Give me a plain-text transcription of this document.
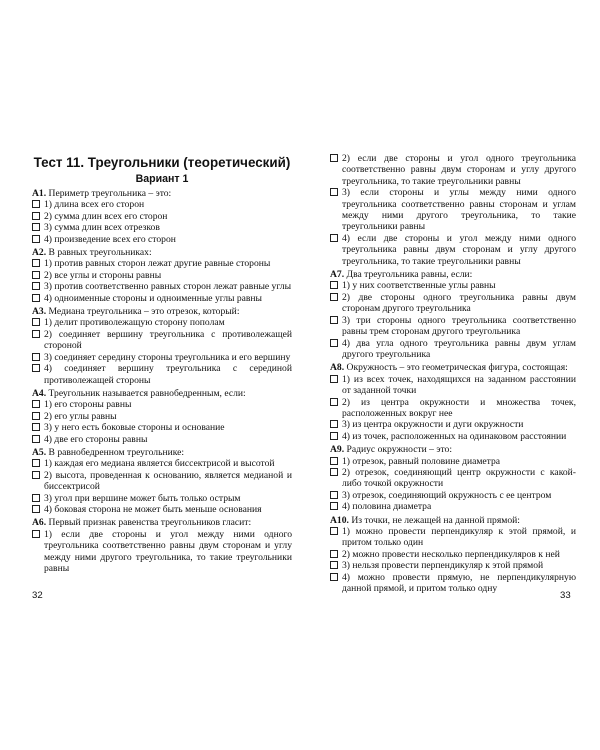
Тест 11. Треугольники (теоретический)
Вариант 1
А1. Периметр треугольника – это:
1) длина всех его сторон
2) сумма длин всех его сторон
3) сумма длин всех отрезков
4) произведение всех его сторон
А2. В равных треугольниках:
1) против равных сторон лежат другие равные стороны
2) все углы и стороны равны
3) против соответственно равных сторон лежат равные углы
4) одноименные стороны и одноименные углы равны
А3. Медиана треугольника – это отрезок, который:
1) делит противолежащую сторону пополам
2) соединяет вершину треугольника с противолежащей стороной
3) соединяет середину стороны треугольника и его вершину
4) соединяет вершину треугольника с серединой противолежащей стороны
А4. Треугольник называется равнобедренным, если:
1) его стороны равны
2) его углы равны
3) у него есть боковые стороны и основание
4) две его стороны равны
А5. В равнобедренном треугольнике:
1) каждая его медиана является биссектрисой и высотой
2) высота, проведенная к основанию, является медианой и биссектрисой
3) угол при вершине может быть только острым
4) боковая сторона не может быть меньше основания
А6. Первый признак равенства треугольников гласит:
1) если две стороны и угол между ними одного треугольника соответственно равны двум сторонам и углу между ними другого треугольника, то такие треугольники равны
2) если две стороны и угол одного треугольника соответственно равны двум сторонам и углу другого треугольника, то такие треугольники равны
3) если стороны и углы между ними одного треугольника соответственно равны сторонам и углам между ними другого треугольника, то такие треугольники равны
4) если две стороны и угол между ними одного треугольника равны двум сторонам и углу другого треугольника, то такие треугольники равны
А7. Два треугольника равны, если:
1) у них соответственные углы равны
2) две стороны одного треугольника равны двум сторонам другого треугольника
3) три стороны одного треугольника соответственно равны трем сторонам другого треугольника
4) два угла одного треугольника равны двум углам другого треугольника
А8. Окружность – это геометрическая фигура, состоящая:
1) из всех точек, находящихся на заданном расстоянии от заданной точки
2) из центра окружности и множества точек, расположенных вокруг нее
3) из центра окружности и дуги окружности
4) из точек, расположенных на одинаковом расстоянии
А9. Радиус окружности – это:
1) отрезок, равный половине диаметра
2) отрезок, соединяющий центр окружности с какой-либо точкой окружности
3) отрезок, соединяющий окружность с ее центром
4) половина диаметра
А10. Из точки, не лежащей на данной прямой:
1) можно провести перпендикуляр к этой прямой, и притом только один
2) можно провести несколько перпендикуляров к ней
3) нельзя провести перпендикуляр к этой прямой
4) можно провести прямую, не перпендикулярную данной прямой, и притом только одну
32	33
